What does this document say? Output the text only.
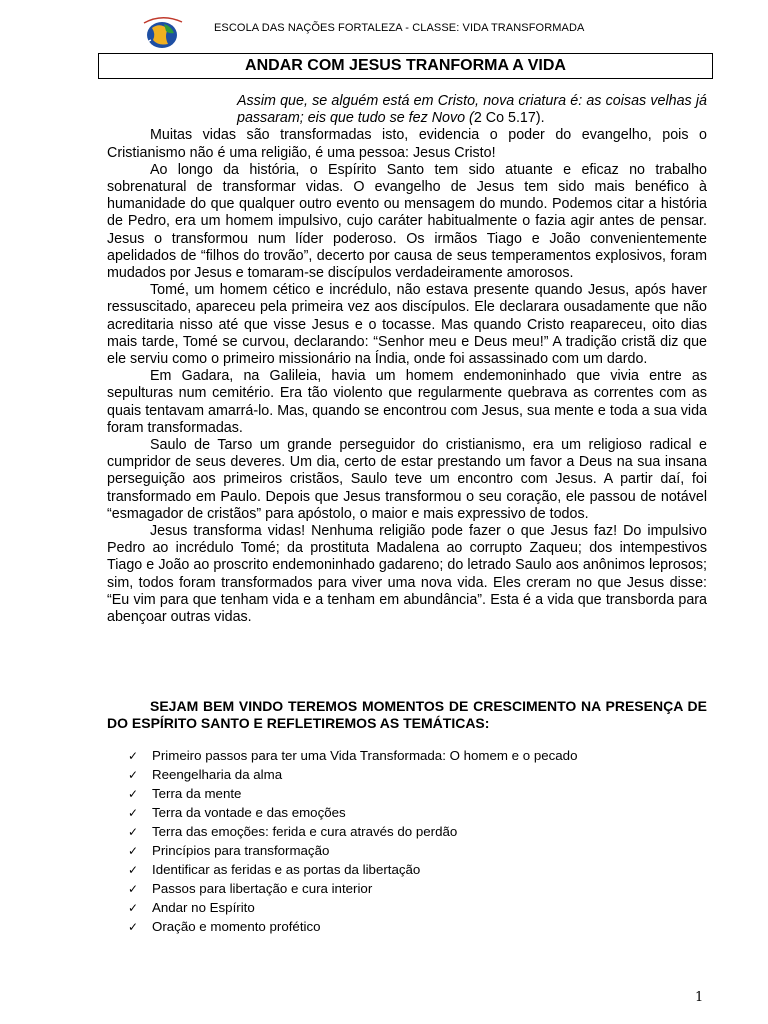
ESCOLA DAS NAÇÕES FORTALEZA - CLASSE: VIDA TRANSFORMADA
ANDAR COM JESUS TRANFORMA A VIDA

Assim que, se alguém está em Cristo, nova criatura é: as coisas velhas já passaram; eis que tudo se fez Novo (2 Co 5.17).

Muitas vidas são transformadas isto, evidencia o poder do evangelho, pois o Cristianismo não é uma religião, é uma pessoa: Jesus Cristo!

Ao longo da história, o Espírito Santo tem sido atuante e eficaz no trabalho sobrenatural de transformar vidas. O evangelho de Jesus tem sido mais benéfico à humanidade do que qualquer outro evento ou mensagem do mundo. Podemos citar a história de Pedro, era um homem impulsivo, cujo caráter habitualmente o fazia agir antes de pensar. Jesus o transformou num líder poderoso. Os irmãos Tiago e João convenientemente apelidados de “filhos do trovão”, decerto por causa de seus temperamentos explosivos, foram mudados por Jesus e tomaram-se discípulos verdadeiramente amorosos.

Tomé, um homem cético e incrédulo, não estava presente quando Jesus, após haver ressuscitado, apareceu pela primeira vez aos discípulos. Ele declarara ousadamente que não acreditaria nisso até que visse Jesus e o tocasse. Mas quando Cristo reapareceu, oito dias mais tarde, Tomé se curvou, declarando: “Senhor meu e Deus meu!” A tradição cristã diz que ele serviu como o primeiro missionário na Índia, onde foi assassinado com um dardo.

Em Gadara, na Galileia, havia um homem endemoninhado que vivia entre as sepulturas num cemitério. Era tão violento que regularmente quebrava as correntes com as quais tentavam amarrá-lo. Mas, quando se encontrou com Jesus, sua mente e toda a sua vida foram transformadas.

Saulo de Tarso um grande perseguidor do cristianismo, era um religioso radical e cumpridor de seus deveres. Um dia, certo de estar prestando um favor a Deus na sua insana perseguição aos primeiros cristãos, Saulo teve um encontro com Jesus. A partir daí, foi transformado em Paulo. Depois que Jesus transformou o seu coração, ele passou de notável “esmagador de cristãos” para apóstolo, o maior e mais expressivo de todos.

Jesus transforma vidas! Nenhuma religião pode fazer o que Jesus faz! Do impulsivo Pedro ao incrédulo Tomé; da prostituta Madalena ao corrupto Zaqueu; dos intempestivos Tiago e João ao proscrito endemoninhado gadareno; do letrado Saulo aos anônimos leprosos; sim, todos foram transformados para viver uma nova vida. Eles creram no que Jesus disse: “Eu vim para que tenham vida e a tenham em abundância”. Esta é a vida que transborda para abençoar outras vidas.

SEJAM BEM VINDO TEREMOS MOMENTOS DE CRESCIMENTO NA PRESENÇA DE DO ESPÍRITO SANTO E REFLETIREMOS AS TEMÁTICAS:
✓	Primeiro passos para ter uma Vida Transformada: O homem e o pecado
✓	Reengelharia da alma
✓	Terra da mente
✓	Terra da vontade e das emoções
✓	Terra das emoções: ferida e cura através do perdão
✓	Princípios para transformação
✓	Identificar as feridas e as portas da libertação
✓	Passos para libertação e cura interior
✓	Andar no Espírito
✓	Oração e momento profético
1
